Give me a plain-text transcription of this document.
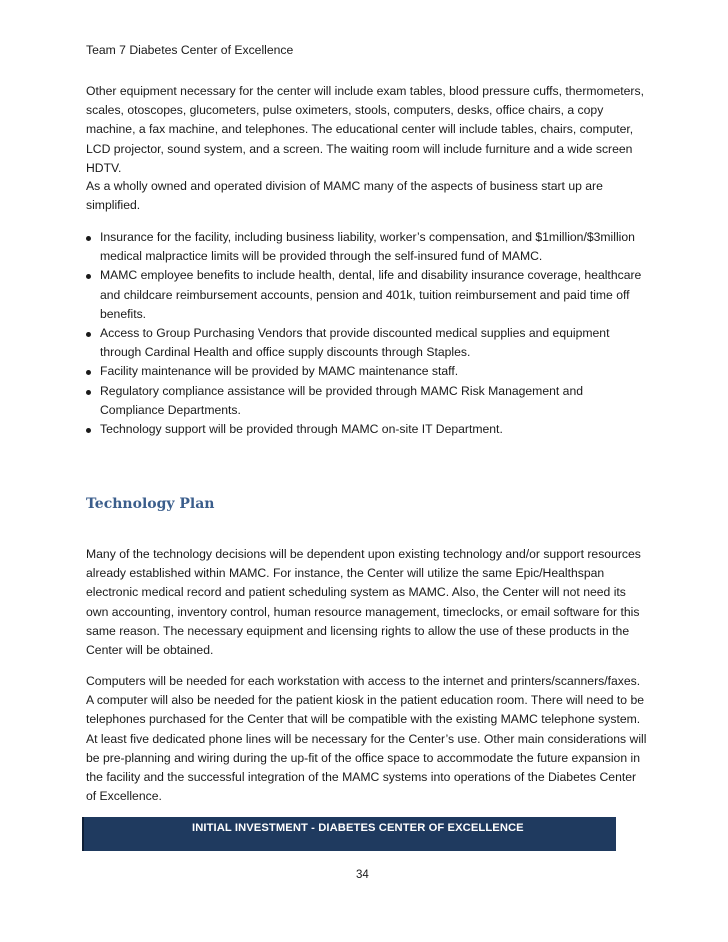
Team 7 Diabetes Center of Excellence

Other equipment necessary for the center will include exam tables, blood pressure cuffs, thermometers, scales, otoscopes, glucometers, pulse oximeters, stools, computers, desks, office chairs, a copy machine, a fax machine, and telephones. The educational center will include tables, chairs, computer, LCD projector, sound system, and a screen. The waiting room will include furniture and a wide screen HDTV.

As a wholly owned and operated division of MAMC many of the aspects of business start up are simplified.

Insurance for the facility, including business liability, worker’s compensation, and $1million/$3million medical malpractice limits will be provided through the self-insured fund of MAMC.
MAMC employee benefits to include health, dental, life and disability insurance coverage, healthcare and childcare reimbursement accounts, pension and 401k, tuition reimbursement and paid time off benefits.
Access to Group Purchasing Vendors that provide discounted medical supplies and equipment through Cardinal Health and office supply discounts through Staples.
Facility maintenance will be provided by MAMC maintenance staff.
Regulatory compliance assistance will be provided through MAMC Risk Management and Compliance Departments.
Technology support will be provided through MAMC on-site IT Department.
Technology Plan

Many of the technology decisions will be dependent upon existing technology and/or support resources already established within MAMC. For instance, the Center will utilize the same Epic/Healthspan electronic medical record and patient scheduling system as MAMC. Also, the Center will not need its own accounting, inventory control, human resource management, timeclocks, or email software for this same reason. The necessary equipment and licensing rights to allow the use of these products in the Center will be obtained.

Computers will be needed for each workstation with access to the internet and printers/scanners/faxes. A computer will also be needed for the patient kiosk in the patient education room. There will need to be telephones purchased for the Center that will be compatible with the existing MAMC telephone system. At least five dedicated phone lines will be necessary for the Center’s use. Other main considerations will be pre-planning and wiring during the up-fit of the office space to accommodate the future expansion in the facility and the successful integration of the MAMC systems into operations of the Diabetes Center of Excellence.

INITIAL INVESTMENT - DIABETES CENTER OF EXCELLENCE
34
